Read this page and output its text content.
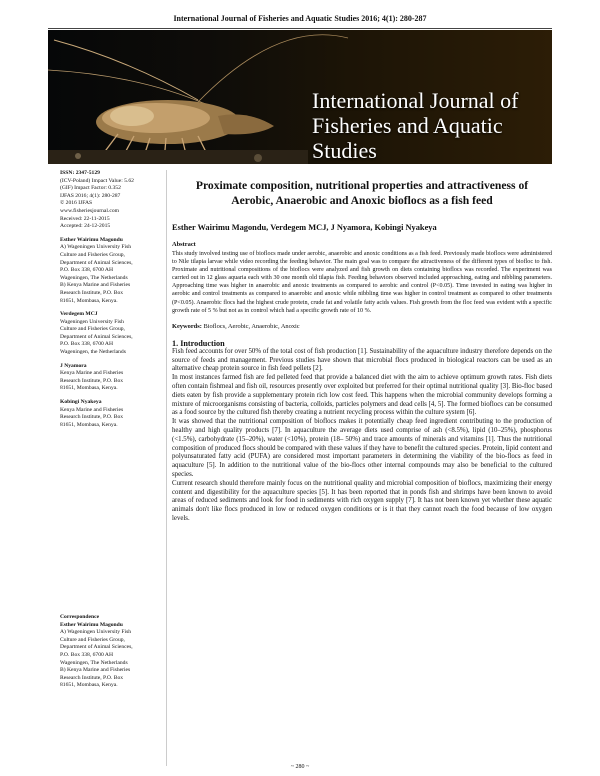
International Journal of Fisheries and Aquatic Studies 2016; 4(1): 280-287
International Journal of
Fisheries and Aquatic Studies

ISSN: 2347-5129

(ICV-Poland) Impact Value: 5.62

(GIF) Impact Factor: 0.352

IJFAS 2016; 4(1): 280-287

© 2016 IJFAS

www.fisheriesjournal.com

Received: 22-11-2015

Accepted: 24-12-2015

Esther Wairimu Magondu

A) Wageningen University Fish

Culture and Fisheries Group,

Department of Animal Sciences,

P.O. Box 338, 6700 AH

Wageningen, The Netherlands

B) Kenya Marine and Fisheries

Research Institute, P.O. Box

81651, Mombasa, Kenya.

Verdegem MCJ

Wageningen University Fish

Culture and Fisheries Group,

Department of Animal Sciences,

P.O. Box 338, 6700 AH

Wageningen, the Netherlands

J Nyamora

Kenya Marine and Fisheries

Research Institute, P.O. Box

81651, Mombasa, Kenya.

Kobingi Nyakeya

Kenya Marine and Fisheries

Research Institute, P.O. Box

81651, Mombasa, Kenya.

Correspondence

Esther Wairimu Magondu

A) Wageningen University Fish

Culture and Fisheries Group,

Department of Animal Sciences,

P.O. Box 338, 6700 AH

Wageningen, The Netherlands

B) Kenya Marine and Fisheries

Research Institute, P.O. Box

81651, Mombasa, Kenya.

Proximate composition, nutritional properties and attractiveness of Aerobic, Anaerobic and Anoxic bioflocs as a fish feed
Esther Wairimu Magondu, Verdegem MCJ, J Nyamora, Kobingi Nyakeya
Abstract
This study involved testing use of bioflocs made under aerobic, anaerobic and anoxic conditions as a fish feed. Previously made bioflocs were administered to Nile tilapia larvae while video recording the feeding behavior. The main goal was to compare the attractiveness of the different types of biofloc to fish. Proximate and nutritional compositions of the bioflocs were analyzed and fish growth on diets containing bioflocs was recorded. The experiment was carried out in 12 glass aquaria each with 30 one month old tilapia fish. Feeding behaviors observed included approaching, eating and nibbling parameters. Approaching time was higher in anaerobic and anoxic treatments as compared to aerobic and control (P<0.05). Time invested in eating was higher in aerobic and control treatments as compared to anaerobic and anoxic while nibbling time was higher in control treatment as compared to other treatments (P<0.05). Anaerobic flocs had the highest crude protein, crude fat and volatile fatty acids values. Fish growth from the floc feed was evident with a specific growth rate of 5 % but not as in control which had a specific growth rate of 10 %.
Keywords: Bioflocs, Aerobic, Anaerobic, Anoxic
1. Introduction

Fish feed accounts for over 50% of the total cost of fish production [1]. Sustainability of the aquaculture industry therefore depends on the source of feeds and management. Previous studies have shown that microbial flocs produced in biological reactors can be used as an alternative cheap protein source in fish feed pellets [2].

In most instances farmed fish are fed pelleted feed that provide a balanced diet with the aim to achieve optimum growth rates. Fish diets often contain fishmeal and fish oil, resources presently over exploited but preferred for their optimal nutritional quality [3]. Bio-floc based diets eaten by fish provide a supplementary protein rich low cost feed. This happens when the microbial community develops forming a mixture of microorganisms consisting of bacteria, colloids, particles polymers and dead cells [4, 5]. The formed bioflocs can be consumed as a food source by the cultured fish thereby creating a nutrient recycling process within the culture system [6].

It was showed that the nutritional composition of bioflocs makes it potentially cheap feed ingredient contributing to the production of healthy and high quality products [7]. In aquaculture the average diets used comprise of ash (<8.5%), lipid (10–25%), phosphorus (<1.5%), carbohydrate (15–20%), water (<10%), protein (18– 50%) and trace amounts of minerals and vitamins [1]. Thus the nutritional composition of produced flocs should be compared with these values if they have to benefit the cultured species. Protein, lipid content and polyunsaturated fatty acid (PUFA) are considered most important parameters in determining the viability of the bio-flocs as feed in aquaculture [5]. In addition to the nutritional value of the bio-flocs other internal compounds may also be beneficial to the cultured species.

Current research should therefore mainly focus on the nutritional quality and microbial composition of bioflocs, maximizing their energy content and digestibility for the aquaculture species [5]. It has been reported that in ponds fish and shrimps have been known to avoid areas of reduced sediments and look for food in sediments with rich oxygen supply [7]. It has not been known yet whether these aquatic animals don't like flocs produced in low or reduced oxygen conditions or is it that they cannot reach the food because of low oxygen levels.

~ 280 ~
